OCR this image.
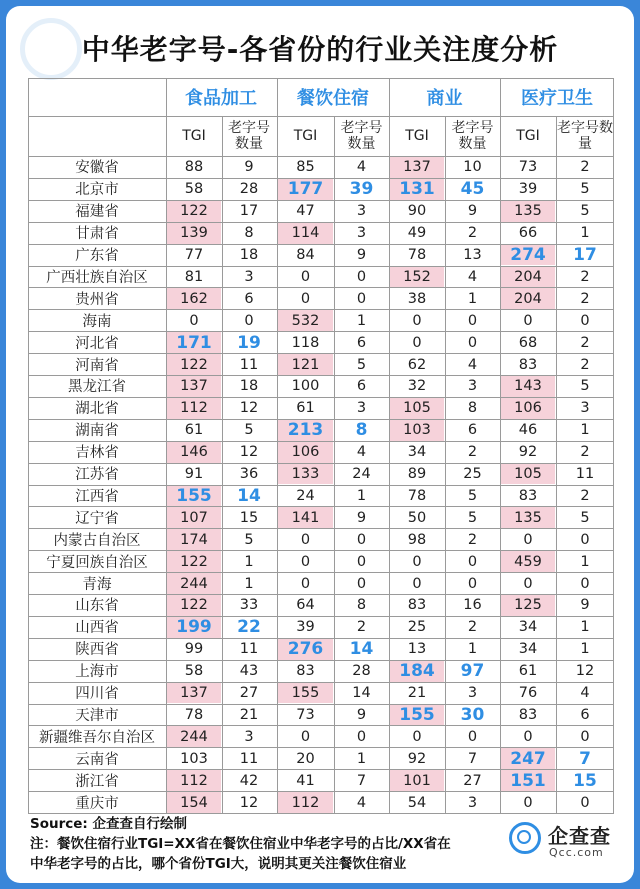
中华老字号-各省份的行业关注度分析
食品加工	餐饮住宿	商业	医疗卫生
TGI	老字号数量	TGI	老字号数量	TGI	老字号数量	TGI	老字号数量
安徽省	88	9	85	4	137	10	73	2
北京市	58	28	177	39	131	45	39	5
福建省	122	17	47	3	90	9	135	5
甘肃省	139	8	114	3	49	2	66	1
广东省	77	18	84	9	78	13	274	17
广西壮族自治区	81	3	0	0	152	4	204	2
贵州省	162	6	0	0	38	1	204	2
海南	0	0	532	1	0	0	0	0
河北省	171	19	118	6	0	0	68	2
河南省	122	11	121	5	62	4	83	2
黑龙江省	137	18	100	6	32	3	143	5
湖北省	112	12	61	3	105	8	106	3
湖南省	61	5	213	8	103	6	46	1
吉林省	146	12	106	4	34	2	92	2
江苏省	91	36	133	24	89	25	105	11
江西省	155	14	24	1	78	5	83	2
辽宁省	107	15	141	9	50	5	135	5
内蒙古自治区	174	5	0	0	98	2	0	0
宁夏回族自治区	122	1	0	0	0	0	459	1
青海	244	1	0	0	0	0	0	0
山东省	122	33	64	8	83	16	125	9
山西省	199	22	39	2	25	2	34	1
陕西省	99	11	276	14	13	1	34	1
上海市	58	43	83	28	184	97	61	12
四川省	137	27	155	14	21	3	76	4
天津市	78	21	73	9	155	30	83	6
新疆维吾尔自治区	244	3	0	0	0	0	0	0
云南省	103	11	20	1	92	7	247	7
浙江省	112	42	41	7	101	27	151	15
重庆市	154	12	112	4	54	3	0	0
Source: 企查查自行绘制
注：餐饮住宿行业TGI=XX省在餐饮住宿业中华老字号的占比/XX省在
中华老字号的占比，哪个省份TGI大，说明其更关注餐饮住宿业
企查查
Qcc.com
